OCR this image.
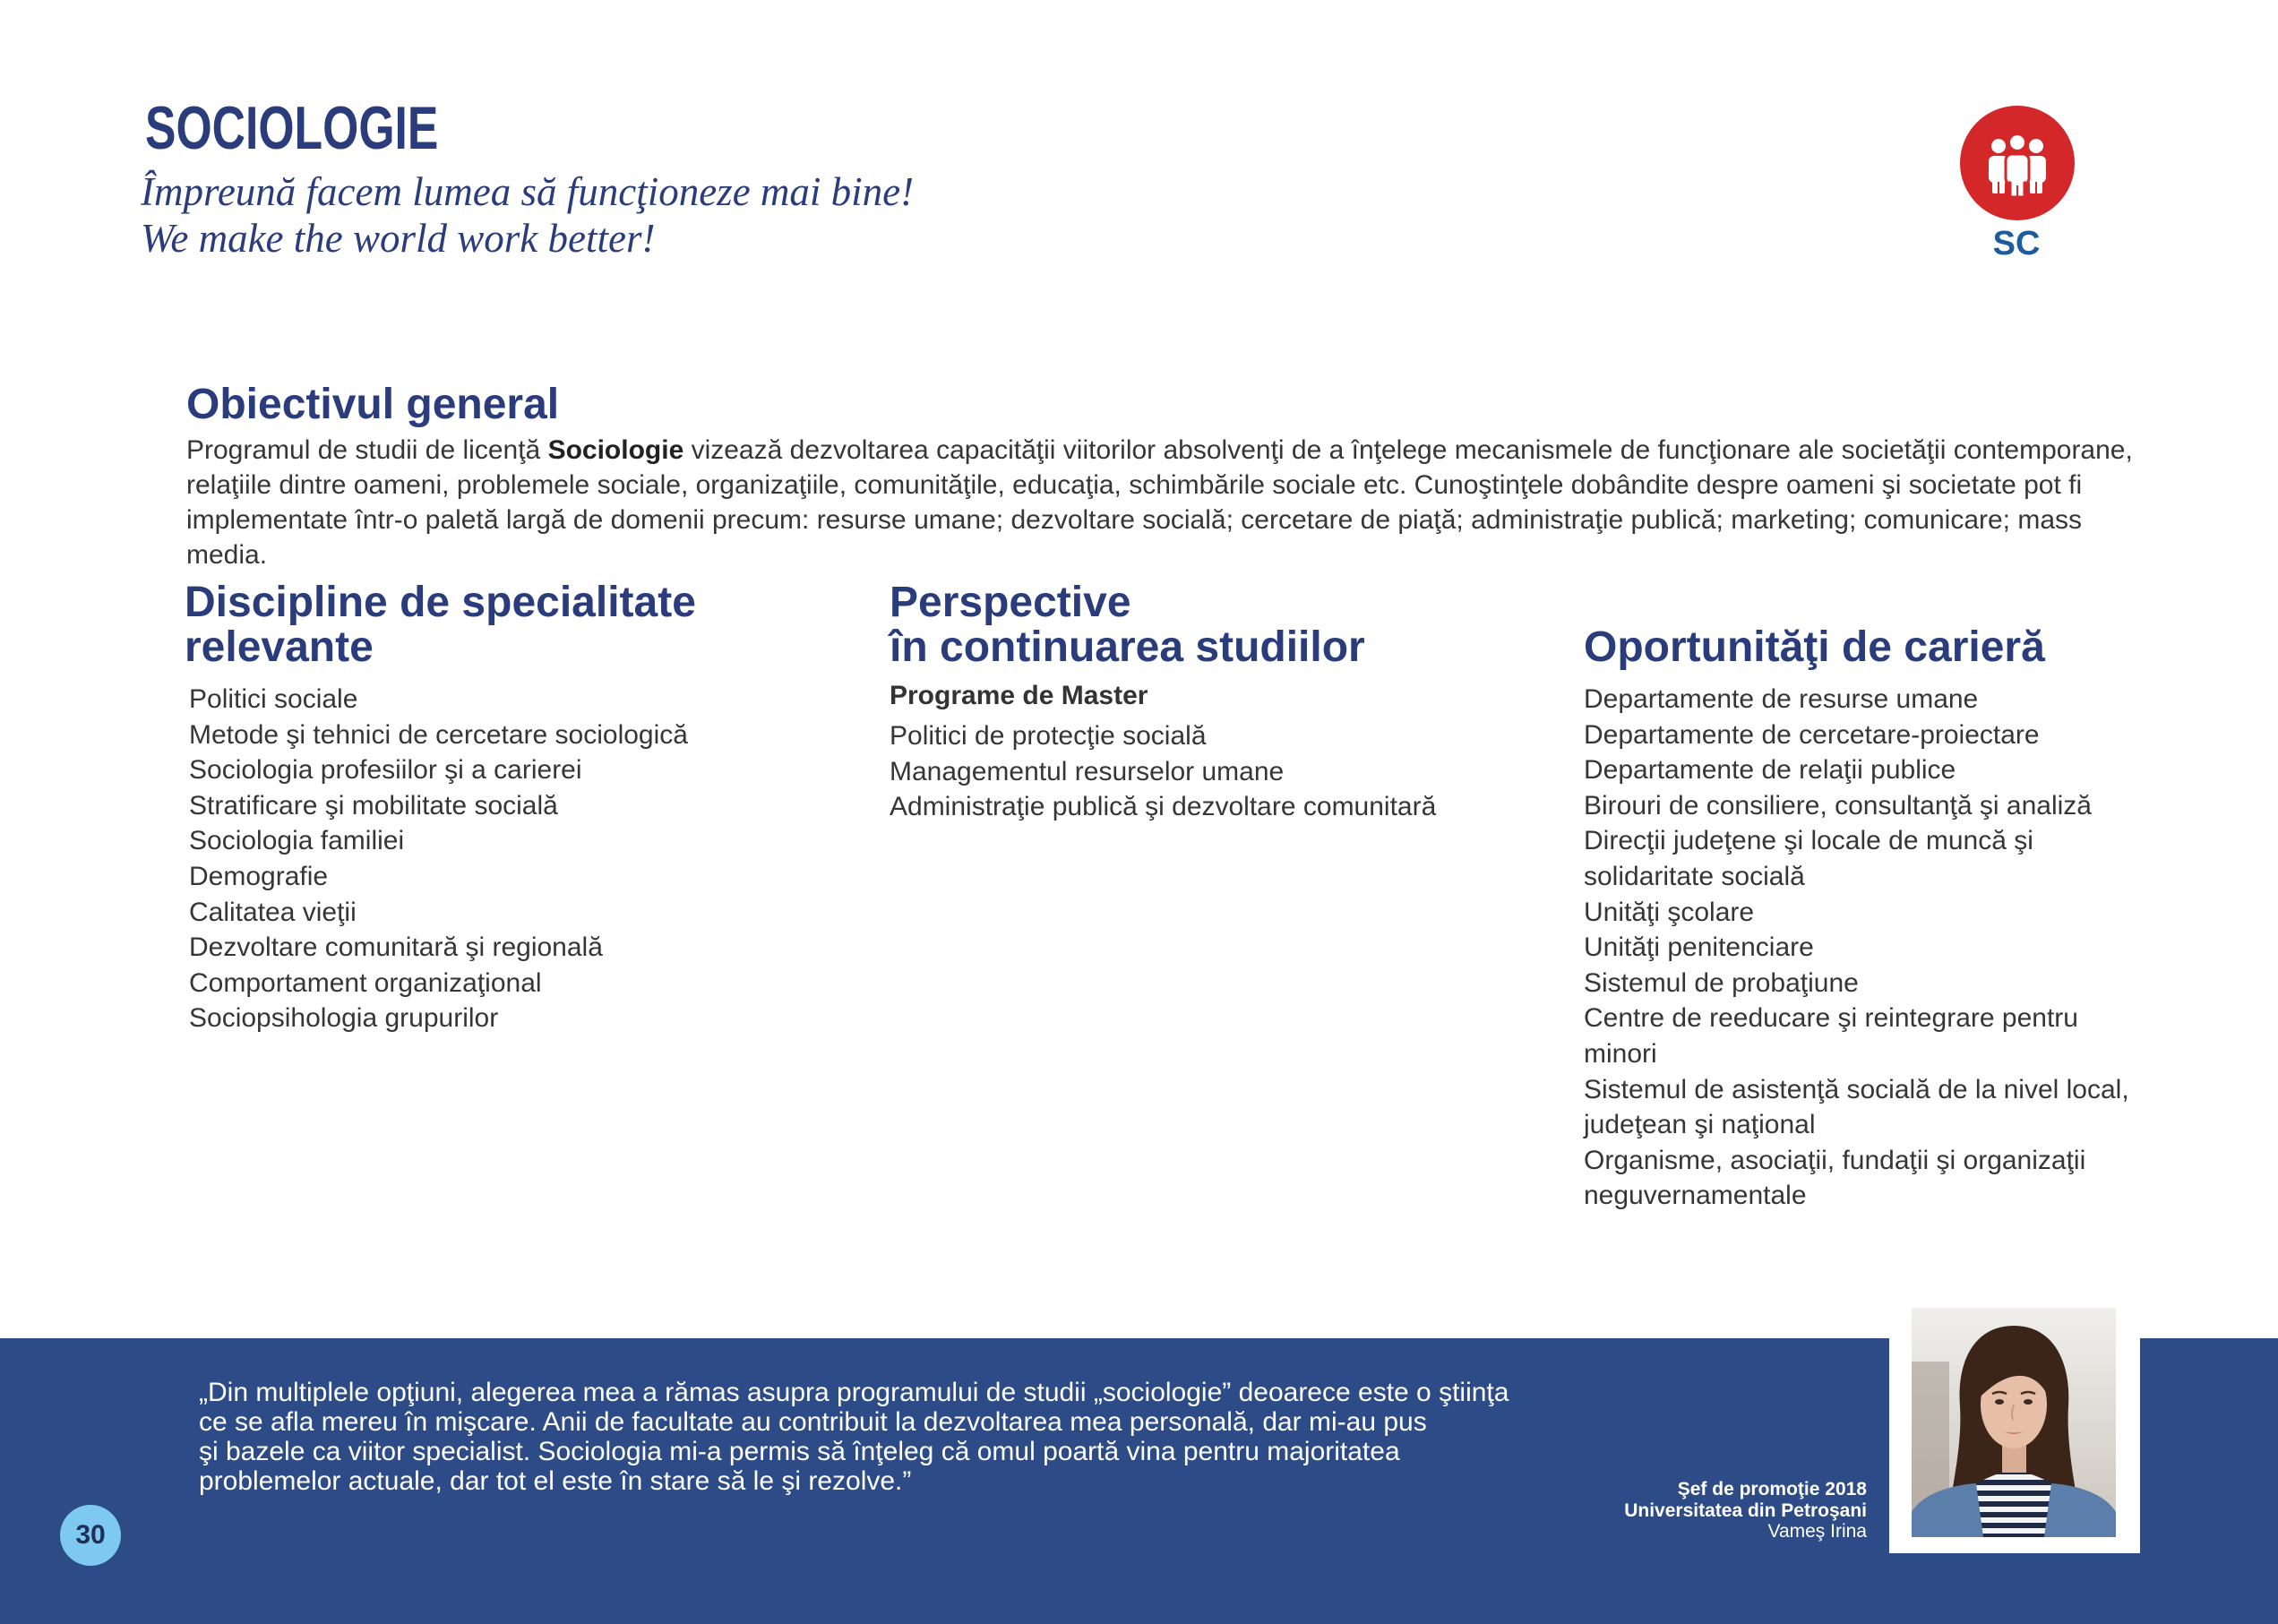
SOCIOLOGIE
Împreună facem lumea să funcţioneze mai bine!
We make the world work better!	SC
Obiectivul general
Programul de studii de licenţă Sociologie vizează dezvoltarea capacităţii viitorilor absolvenţi de a înţelege mecanismele de funcţionare ale societăţii contemporane,
relaţiile dintre oameni, problemele sociale, organizaţiile, comunităţile, educaţia, schimbările sociale etc. Cunoştinţele dobândite despre oameni şi societate pot fi
implementate într-o paletă largă de domenii precum: resurse umane; dezvoltare socială; cercetare de piaţă; administraţie publică; marketing; comunicare; mass
media.
Discipline de specialitate
relevante
Politici sociale
Metode şi tehnici de cercetare sociologică
Sociologia profesiilor şi a carierei
Stratificare şi mobilitate socială
Sociologia familiei
Demografie
Calitatea vieţii
Dezvoltare comunitară şi regională
Comportament organizaţional
Sociopsihologia grupurilor
Perspective
în continuarea studiilor
Programe de Master
Politici de protecţie socială
Managementul resurselor umane
Administraţie publică şi dezvoltare comunitară
Oportunităţi de carieră
Departamente de resurse umane
Departamente de cercetare-proiectare
Departamente de relaţii publice
Birouri de consiliere, consultanţă şi analiză
Direcţii judeţene şi locale de muncă şi
solidaritate socială
Unităţi şcolare
Unităţi penitenciare
Sistemul de probaţiune
Centre de reeducare şi reintegrare pentru
minori
Sistemul de asistenţă socială de la nivel local,
judeţean şi naţional
Organisme, asociaţii, fundaţii şi organizaţii
neguvernamentale
„Din multiplele opţiuni, alegerea mea a rămas asupra programului de studii „sociologie” deoarece este o ştiinţa
ce se afla mereu în mişcare. Anii de facultate au contribuit la dezvoltarea mea personală, dar mi-au pus
şi bazele ca viitor specialist. Sociologia mi-a permis să înţeleg că omul poartă vina pentru majoritatea
problemelor actuale, dar tot el este în stare să le şi rezolve.”	Şef de promoţie 2018
Universitatea din Petroşani
Vameş Irina
30
